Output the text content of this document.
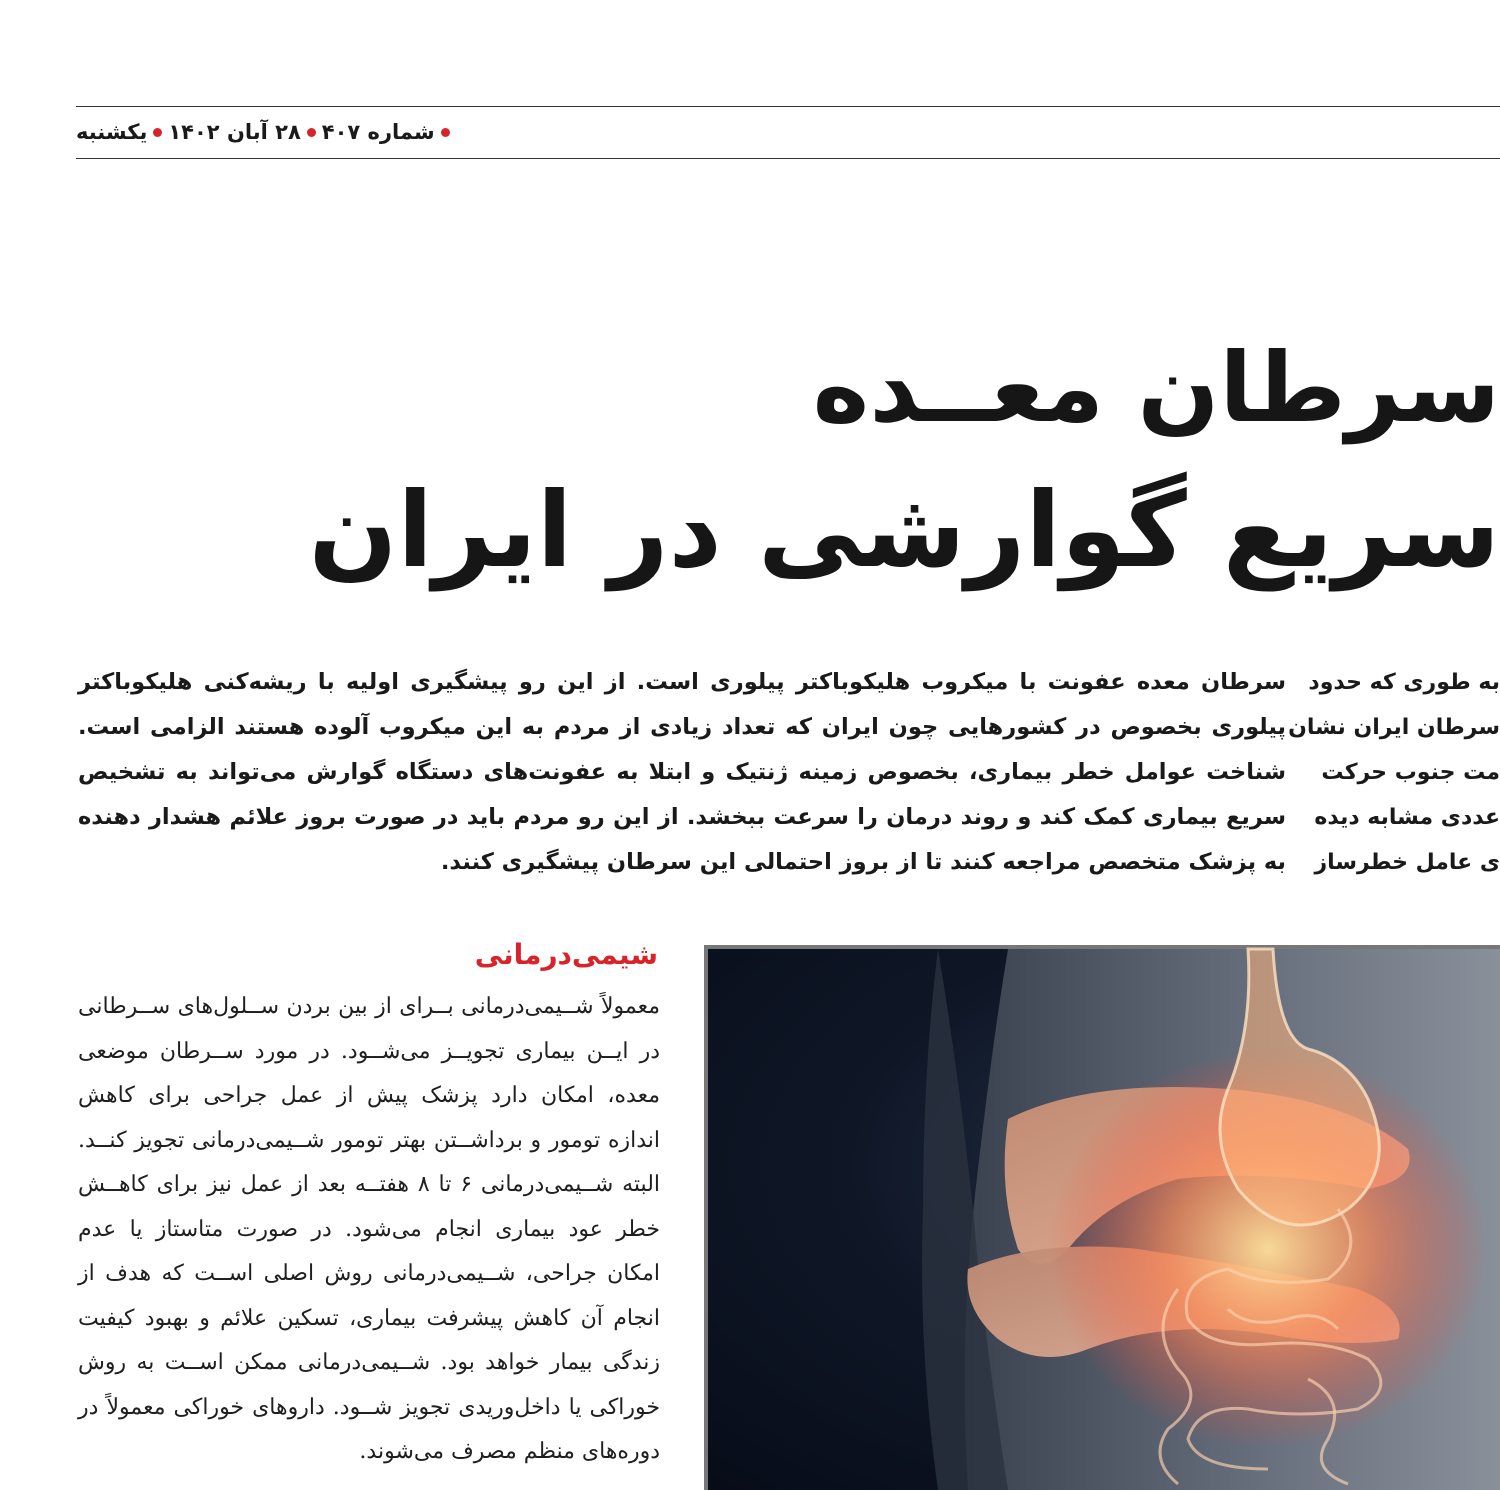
یکشنبه ۲۸ آبان ۱۴۰۲ شماره ۴۰۷
سرطان معــده
سریع گوارشی در ایران
سرطان معده عفونت با میکروب هلیکوباکتر پیلوری است. از این رو پیشگیری اولیه با ریشه‌کنی هلیکوباکتر پیلوری بخصوص در کشورهایی چون ایران که تعداد زیادی از مردم به این میکروب آلوده هستند الزامی است. شناخت عوامل خطر بیماری، بخصوص زمینه ژنتیک و ابتلا به عفونت‌های دستگاه گوارش می‌تواند به تشخیص سریع بیماری کمک کند و روند درمان را سرعت ببخشد. از این رو مردم باید در صورت بروز علائم هشدار دهنده به پزشک متخصص مراجعه کنند تا از بروز احتمالی این سرطان پیشگیری کنند.
به طوری که حدود
سرطان ایران نشان
مت جنوب حرکت
عددی مشابه دیده
ی عامل خطرساز
شیمی‌درمانی
معمولاً شــیمی‌درمانی بــرای از بین بردن ســلول‌های ســرطانی در ایــن بیماری تجویــز می‌شــود. در مورد ســرطان موضعی معده، امکان دارد پزشک پیش از عمل جراحی برای کاهش اندازه تومور و برداشــتن بهتر تومور شــیمی‌درمانی تجویز کنــد. البته شــیمی‌درمانی ۶ تا ۸ هفتــه بعد از عمل نیز برای کاهــش خطر عود بیماری انجام می‌شود. در صورت متاستاز یا عدم امکان جراحی، شــیمی‌درمانی روش اصلی اســت که هدف از انجام آن کاهش پیشرفت بیماری، تسکین علائم و بهبود کیفیت زندگی بیمار خواهد بود. شــیمی‌درمانی ممکن اســت به روش خوراکی یا داخل‌وریدی تجویز شــود. داروهای خوراکی معمولاً در دوره‌های منظم مصرف می‌شوند.
